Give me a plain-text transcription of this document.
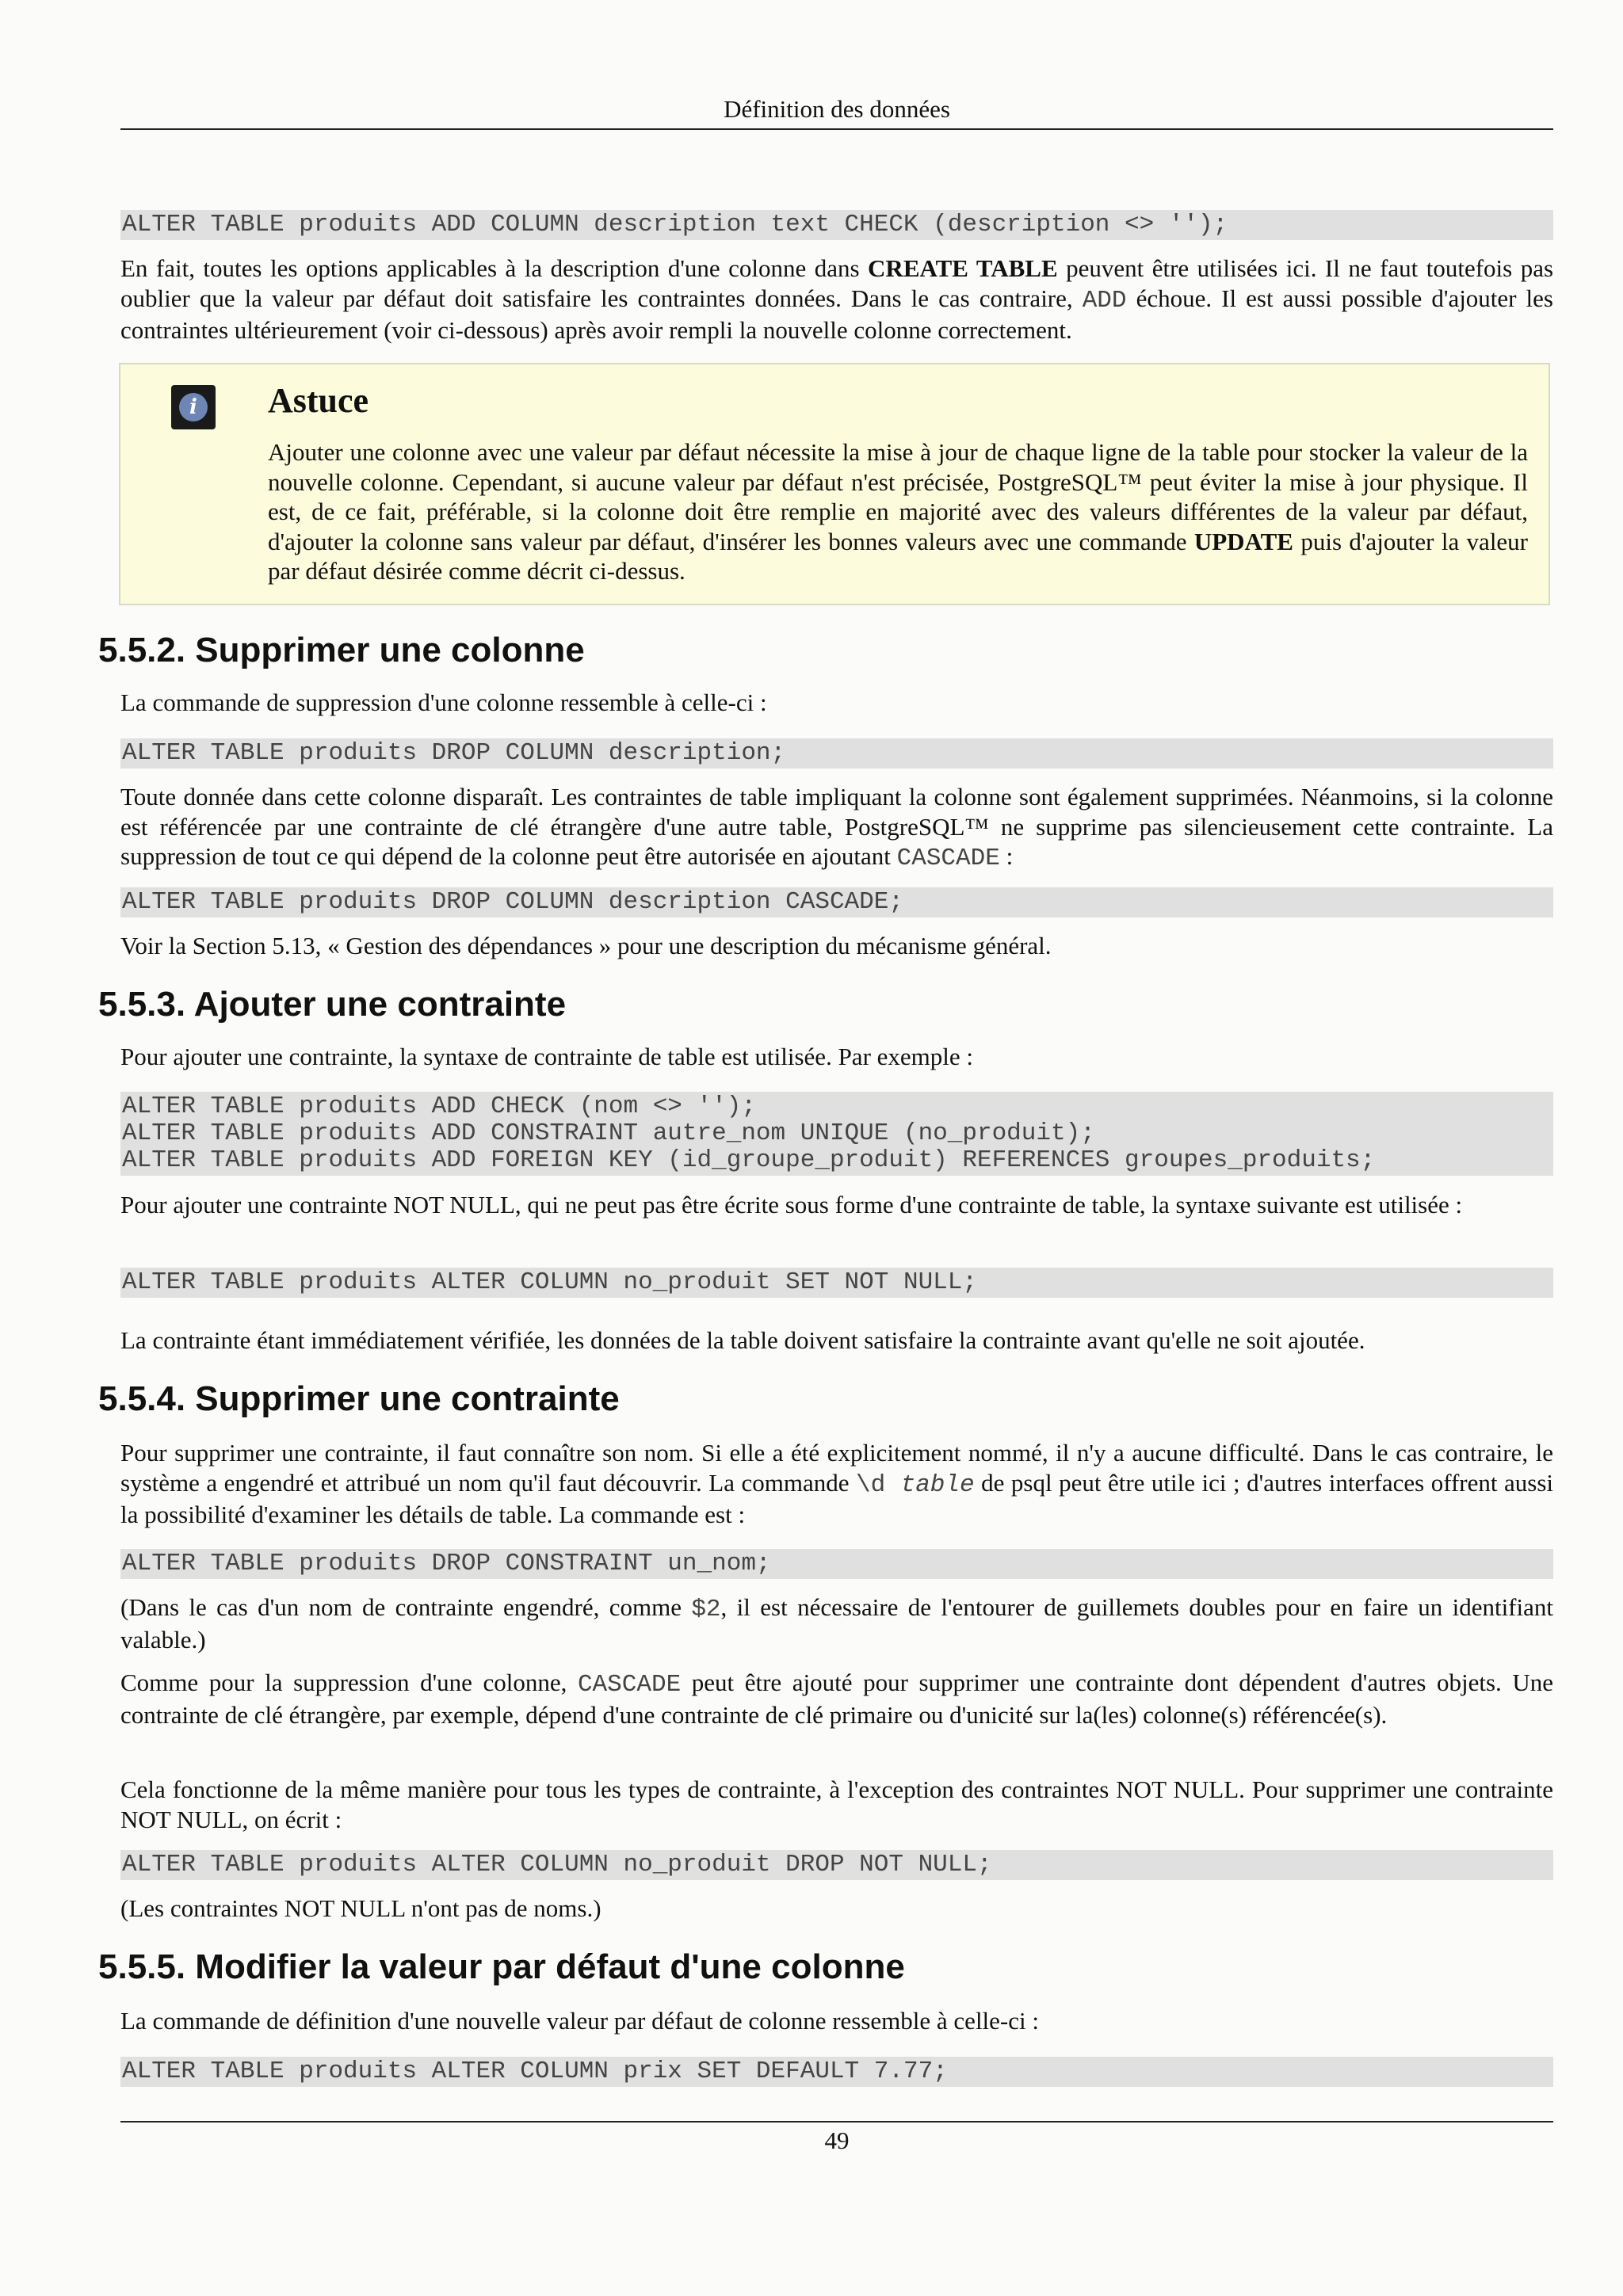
Définition des données
ALTER TABLE produits ADD COLUMN description text CHECK (description <> '');

En fait, toutes les options applicables à la description d'une colonne dans CREATE TABLE peuvent être utilisées ici. Il ne faut toutefois pas oublier que la valeur par défaut doit satisfaire les contraintes données. Dans le cas contraire, ADD échoue. Il est aussi possible d'ajouter les contraintes ultérieurement (voir ci-dessous) après avoir rempli la nouvelle colonne correctement.

i Astuce

Ajouter une colonne avec une valeur par défaut nécessite la mise à jour de chaque ligne de la table pour stocker la valeur de la nouvelle colonne. Cependant, si aucune valeur par défaut n'est précisée, PostgreSQL™ peut éviter la mise à jour physique. Il est, de ce fait, préférable, si la colonne doit être remplie en majorité avec des valeurs différentes de la valeur par défaut, d'ajouter la colonne sans valeur par défaut, d'insérer les bonnes valeurs avec une commande UPDATE puis d'ajouter la valeur par défaut désirée comme décrit ci-dessus.

5.5.2. Supprimer une colonne

La commande de suppression d'une colonne ressemble à celle-ci :

ALTER TABLE produits DROP COLUMN description;

Toute donnée dans cette colonne disparaît. Les contraintes de table impliquant la colonne sont également supprimées. Néanmoins, si la colonne est référencée par une contrainte de clé étrangère d'une autre table, PostgreSQL™ ne supprime pas silencieusement cette contrainte. La suppression de tout ce qui dépend de la colonne peut être autorisée en ajoutant CASCADE :

ALTER TABLE produits DROP COLUMN description CASCADE;

Voir la Section 5.13, « Gestion des dépendances » pour une description du mécanisme général.

5.5.3. Ajouter une contrainte

Pour ajouter une contrainte, la syntaxe de contrainte de table est utilisée. Par exemple :

ALTER TABLE produits ADD CHECK (nom <> '');
ALTER TABLE produits ADD CONSTRAINT autre_nom UNIQUE (no_produit);
ALTER TABLE produits ADD FOREIGN KEY (id_groupe_produit) REFERENCES groupes_produits;

Pour ajouter une contrainte NOT NULL, qui ne peut pas être écrite sous forme d'une contrainte de table, la syntaxe suivante est utilisée :

ALTER TABLE produits ALTER COLUMN no_produit SET NOT NULL;

La contrainte étant immédiatement vérifiée, les données de la table doivent satisfaire la contrainte avant qu'elle ne soit ajoutée.

5.5.4. Supprimer une contrainte

Pour supprimer une contrainte, il faut connaître son nom. Si elle a été explicitement nommé, il n'y a aucune difficulté. Dans le cas contraire, le système a engendré et attribué un nom qu'il faut découvrir. La commande \d table de psql peut être utile ici ; d'autres interfaces offrent aussi la possibilité d'examiner les détails de table. La commande est :

ALTER TABLE produits DROP CONSTRAINT un_nom;

(Dans le cas d'un nom de contrainte engendré, comme $2, il est nécessaire de l'entourer de guillemets doubles pour en faire un identifiant valable.)

Comme pour la suppression d'une colonne, CASCADE peut être ajouté pour supprimer une contrainte dont dépendent d'autres objets. Une contrainte de clé étrangère, par exemple, dépend d'une contrainte de clé primaire ou d'unicité sur la(les) colonne(s) référencée(s).

Cela fonctionne de la même manière pour tous les types de contrainte, à l'exception des contraintes NOT NULL. Pour supprimer une contrainte NOT NULL, on écrit :

ALTER TABLE produits ALTER COLUMN no_produit DROP NOT NULL;

(Les contraintes NOT NULL n'ont pas de noms.)

5.5.5. Modifier la valeur par défaut d'une colonne

La commande de définition d'une nouvelle valeur par défaut de colonne ressemble à celle-ci :

ALTER TABLE produits ALTER COLUMN prix SET DEFAULT 7.77;
49
